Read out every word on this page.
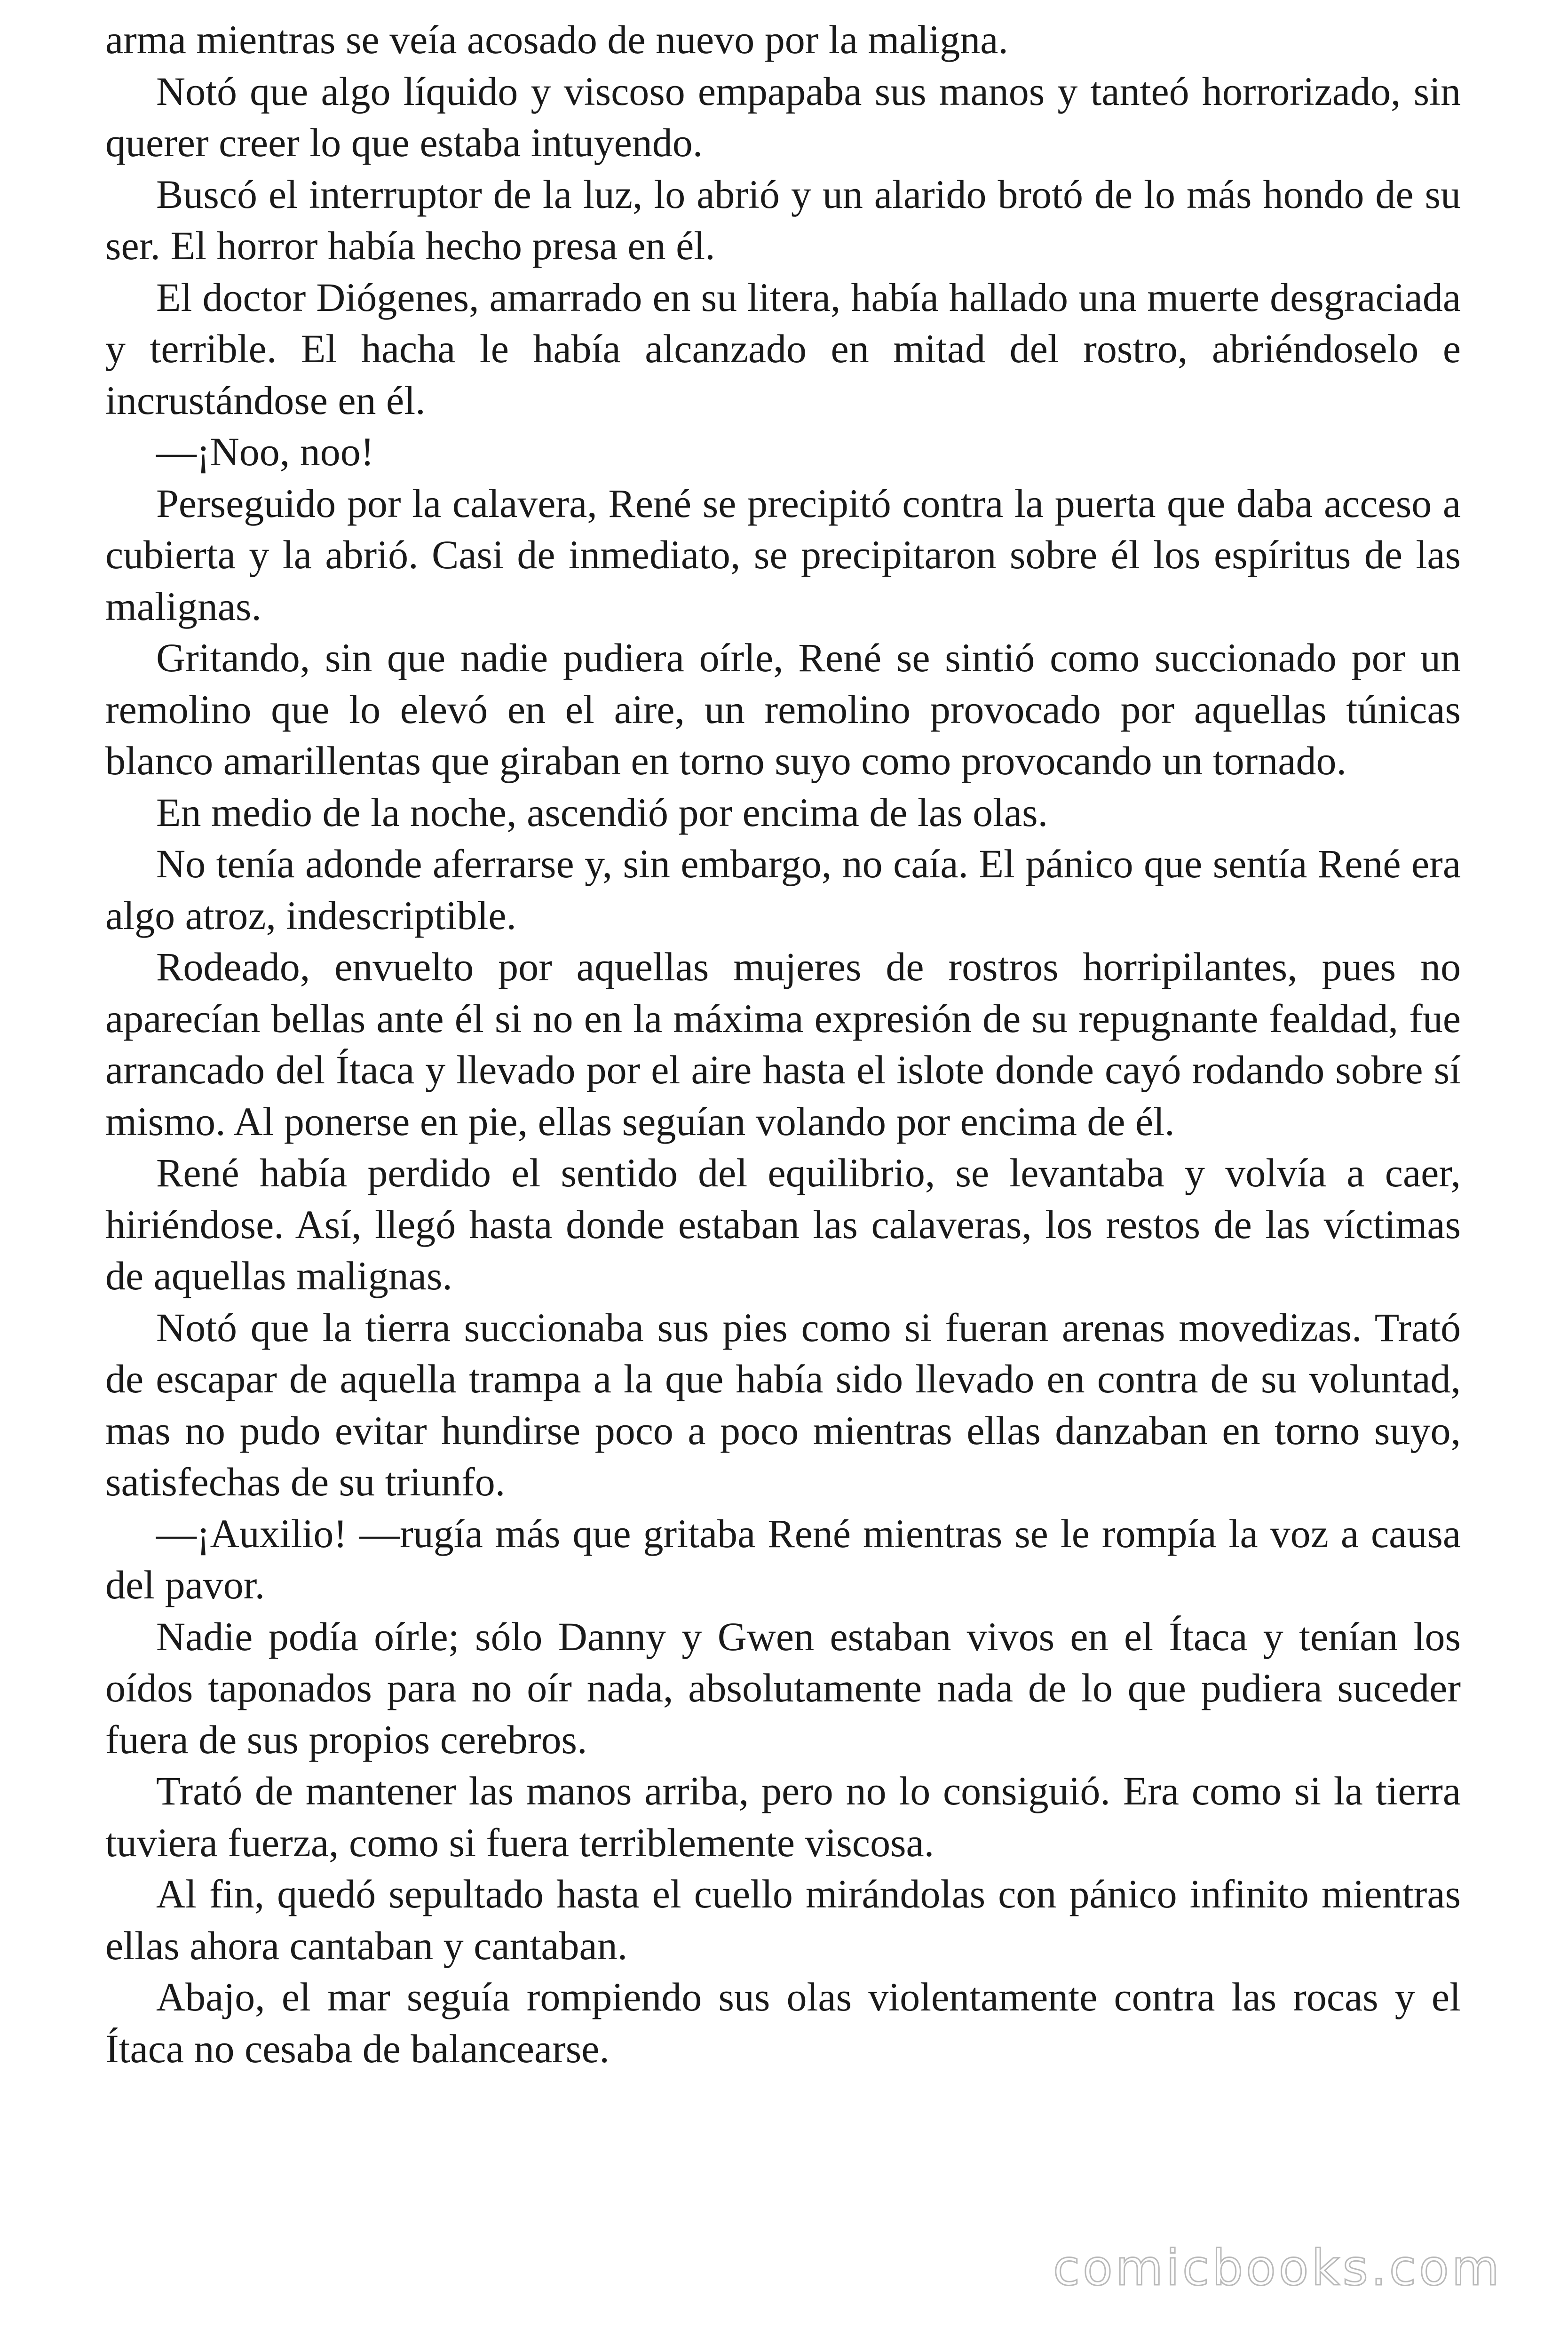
arma mientras se veía acosado de nuevo por la maligna.

Notó que algo líquido y viscoso empapaba sus manos y tanteó horrorizado, sin querer creer lo que estaba intuyendo.

Buscó el interruptor de la luz, lo abrió y un alarido brotó de lo más hondo de su ser. El horror había hecho presa en él.

El doctor Diógenes, amarrado en su litera, había hallado una muerte desgraciada y terrible. El hacha le había alcanzado en mitad del rostro, abriéndoselo e incrustándose en él.

—¡Noo, noo!

Perseguido por la calavera, René se precipitó contra la puerta que daba acceso a cubierta y la abrió. Casi de inmediato, se precipitaron sobre él los espíritus de las malignas.

Gritando, sin que nadie pudiera oírle, René se sintió como succionado por un remolino que lo elevó en el aire, un remolino provocado por aquellas túnicas blanco amarillentas que giraban en torno suyo como provocando un tornado.

En medio de la noche, ascendió por encima de las olas.

No tenía adonde aferrarse y, sin embargo, no caía. El pánico que sentía René era algo atroz, indescriptible.

Rodeado, envuelto por aquellas mujeres de rostros horripilantes, pues no aparecían bellas ante él si no en la máxima expresión de su repugnante fealdad, fue arrancado del Ítaca y llevado por el aire hasta el islote donde cayó rodando sobre sí mismo. Al ponerse en pie, ellas seguían volando por encima de él.

René había perdido el sentido del equilibrio, se levantaba y volvía a caer, hiriéndose. Así, llegó hasta donde estaban las calaveras, los restos de las víctimas de aquellas malignas.

Notó que la tierra succionaba sus pies como si fueran arenas movedizas. Trató de escapar de aquella trampa a la que había sido llevado en contra de su voluntad, mas no pudo evitar hundirse poco a poco mientras ellas danzaban en torno suyo, satisfechas de su triunfo.

—¡Auxilio! —rugía más que gritaba René mientras se le rompía la voz a causa del pavor.

Nadie podía oírle; sólo Danny y Gwen estaban vivos en el Ítaca y tenían los oídos taponados para no oír nada, absolutamente nada de lo que pudiera suceder fuera de sus propios cerebros.

Trató de mantener las manos arriba, pero no lo consiguió. Era como si la tierra tuviera fuerza, como si fuera terriblemente viscosa.

Al fin, quedó sepultado hasta el cuello mirándolas con pánico infinito mientras ellas ahora cantaban y cantaban.

Abajo, el mar seguía rompiendo sus olas violentamente contra las rocas y el Ítaca no cesaba de balancearse.

comicbooks.com
